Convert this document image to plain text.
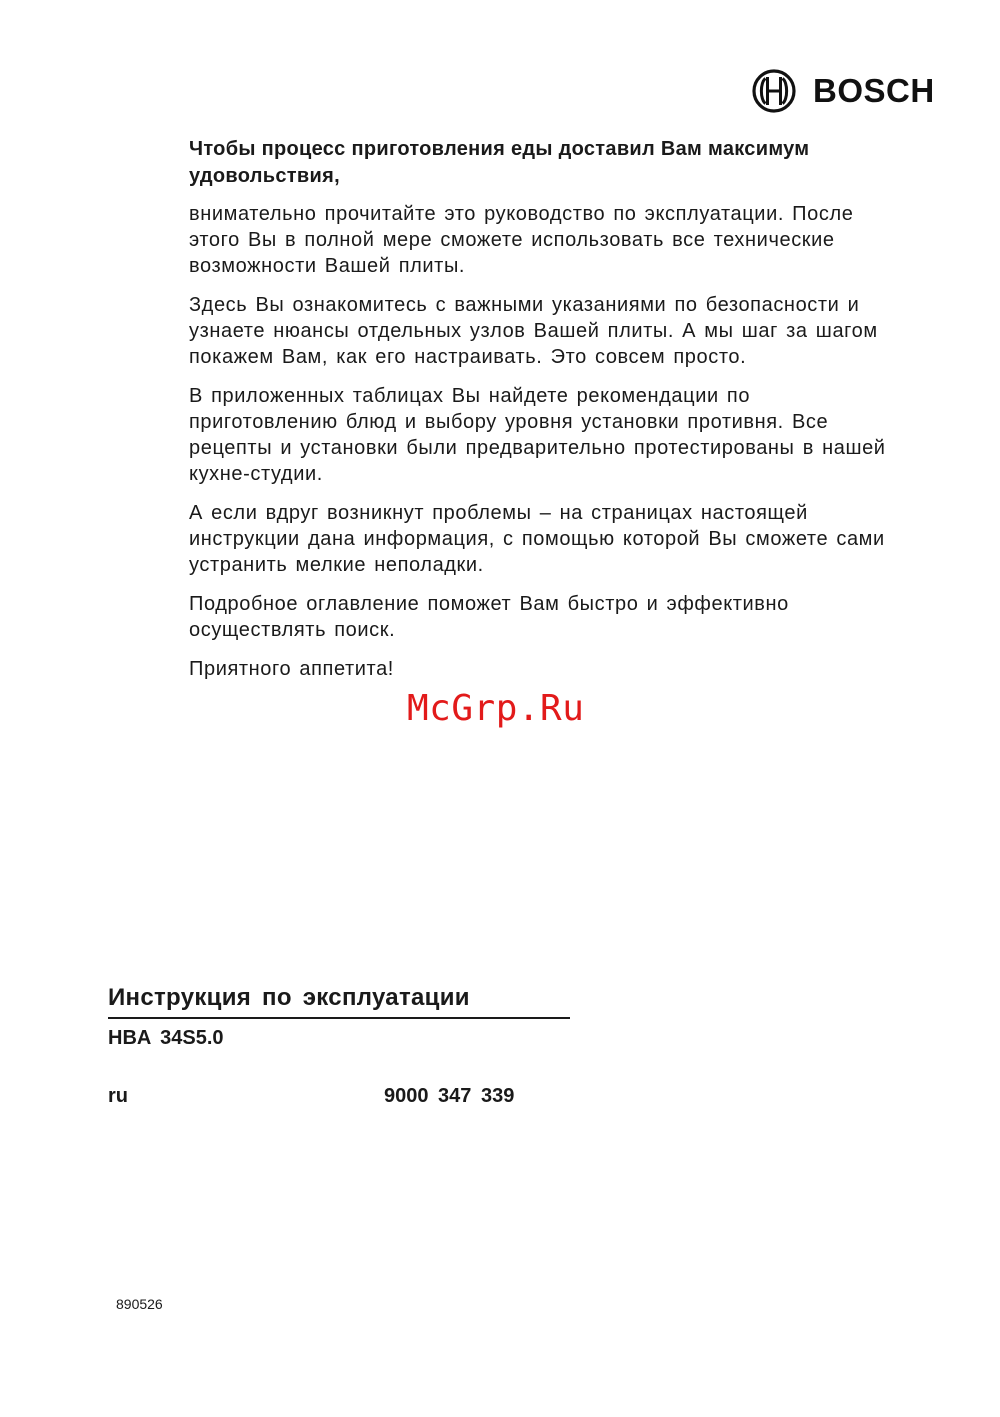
BOSCH

Чтобы процесс приготовления еды доставил Вам максимум удовольствия,

внимательно прочитайте это руководство по эксплуатации. После этого Вы в полной мере сможете использовать все технические возможности Вашей плиты.

Здесь Вы ознакомитесь с важными указаниями по безопасности и узнаете нюансы отдельных узлов Вашей плиты. А мы шаг за шагом покажем Вам, как его настраивать. Это совсем просто.

В приложенных таблицах Вы найдете рекомендации по приготовлению блюд и выбору уровня установки противня. Все рецепты и установки были предварительно протестированы в нашей кухне-студии.

А если вдруг возникнут проблемы – на страницах настоящей инструкции дана информация, с помощью которой Вы сможете сами устранить мелкие неполадки.

Подробное оглавление поможет Вам быстро и эффективно осуществлять поиск.

Приятного аппетита!

McGrp.Ru
Инструкция по эксплуатации
HBA 34S5.0
ru	9000 347 339
890526
